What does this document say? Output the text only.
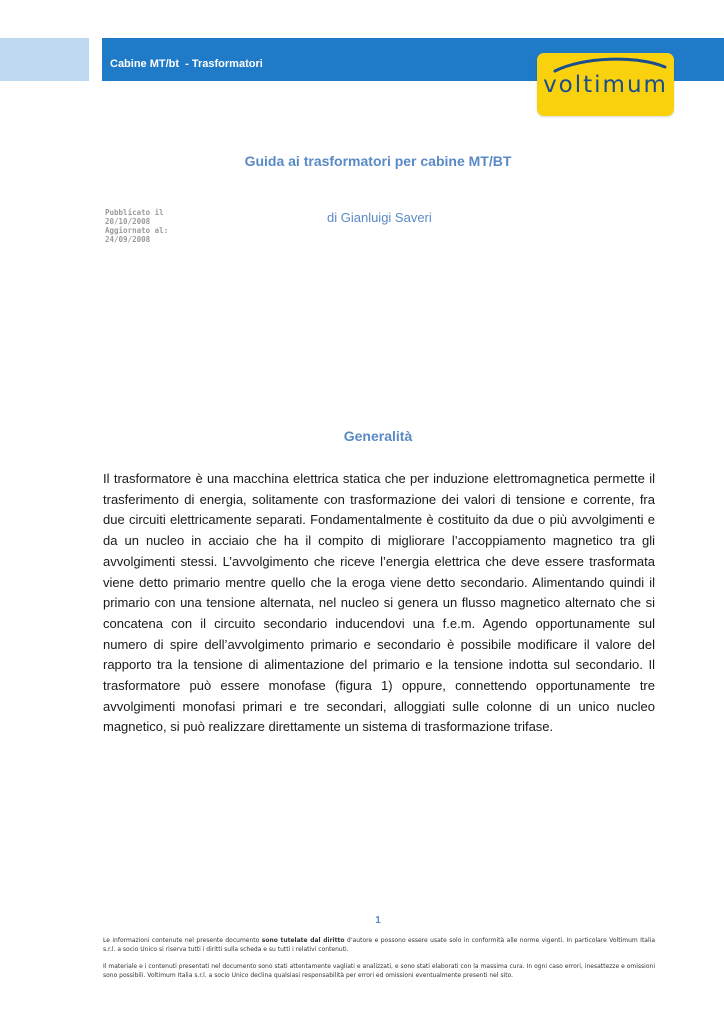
Cabine MT/bt  - Trasformatori
voltimum
Guida ai trasformatori per cabine MT/BT
Pubblicato il
20/10/2008
Aggiornato al:
24/09/2008
di Gianluigi Saveri
Generalità

Il trasformatore è una macchina elettrica statica che per induzione elettromagnetica permette il trasferimento di energia, solitamente con trasformazione dei valori di tensione e corrente, fra due circuiti elettricamente separati. Fondamentalmente è costituito da due o più avvolgimenti e da un nucleo in acciaio che ha il compito di migliorare l’accoppiamento magnetico tra gli avvolgimenti stessi. L’avvolgimento che riceve l’energia elettrica che deve essere trasformata viene detto primario mentre quello che la eroga viene detto secondario. Alimentando quindi il primario con una tensione alternata, nel nucleo si genera un flusso magnetico alternato che si concatena con il circuito secondario inducendovi una f.e.m. Agendo opportunamente sul numero di spire dell’avvolgimento primario e secondario è possibile modificare il valore del rapporto tra la tensione di alimentazione del primario e la tensione indotta sul secondario. Il trasformatore può essere monofase (figura 1) oppure, connettendo opportunamente tre avvolgimenti monofasi primari e tre secondari, alloggiati sulle colonne di un unico nucleo magnetico, si può realizzare direttamente un sistema di trasformazione trifase.

1

Le informazioni contenute nel presente documento sono tutelate dal diritto d’autore e possono essere usate solo in conformità alle norme vigenti. In particolare Voltimum Italia s.r.l. a socio Unico si riserva tutti i diritti sulla scheda e su tutti i relativi contenuti.

Il materiale e i contenuti presentati nel documento sono stati attentamente vagliati e analizzati, e sono stati elaborati con la massima cura. In ogni caso errori, inesattezze e omissioni sono possibili. Voltimum Italia s.r.l. a socio Unico declina qualsiasi responsabilità per errori ed omissioni eventualmente presenti nel sito.
